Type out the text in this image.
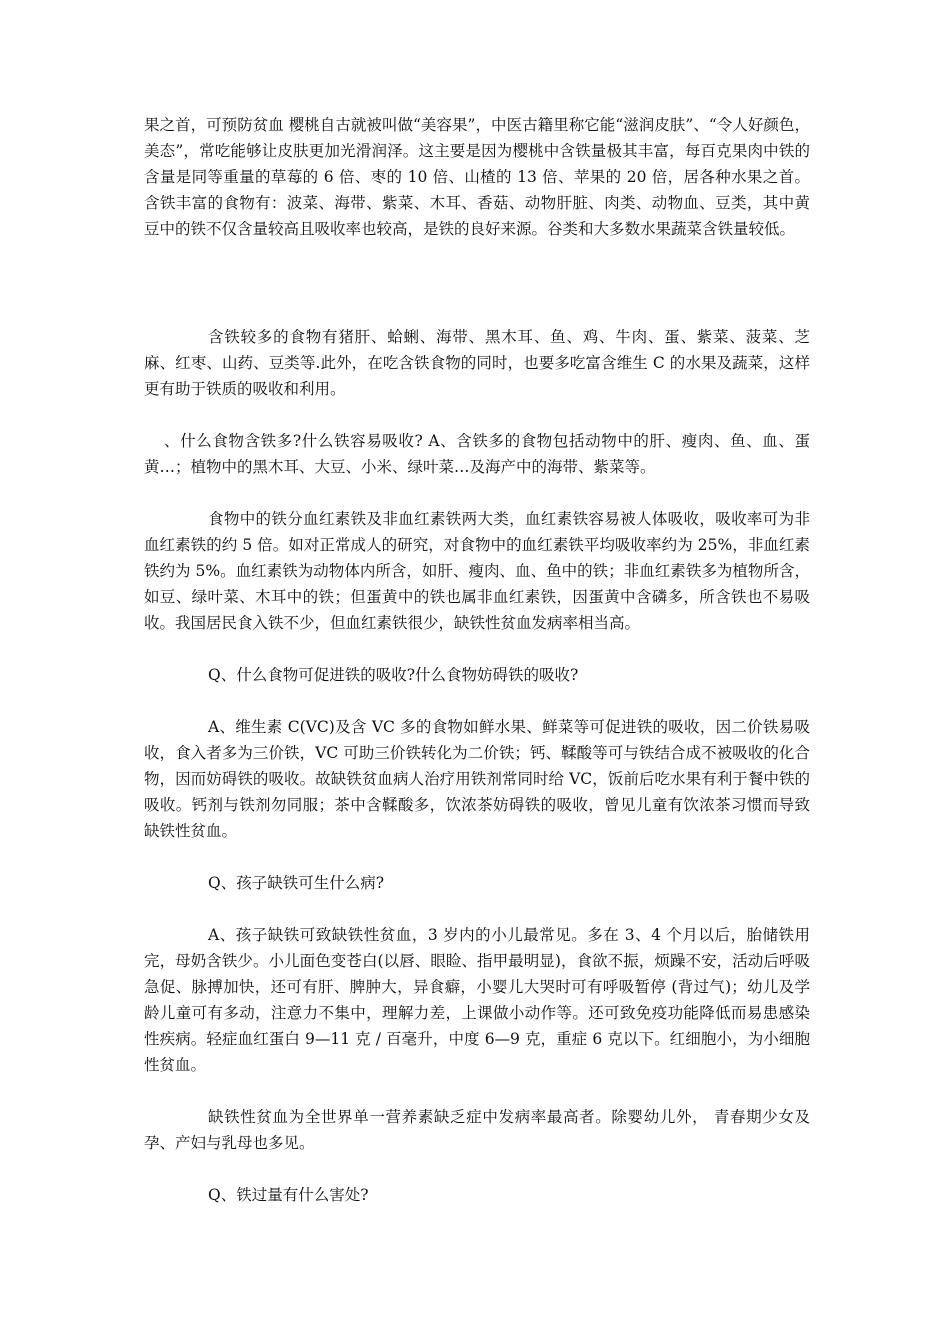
果之首，可预防贫血 樱桃自古就被叫做“美容果”，中医古籍里称它能“滋润皮肤”、“令人好颜色，美态”，常吃能够让皮肤更加光滑润泽。这主要是因为樱桃中含铁量极其丰富，每百克果肉中铁的含量是同等重量的草莓的 6 倍、枣的 10 倍、山楂的 13 倍、苹果的 20 倍，居各种水果之首。 含铁丰富的食物有：波菜、海带、紫菜、木耳、香菇、动物肝脏、肉类、动物血、豆类，其中黄豆中的铁不仅含量较高且吸收率也较高，是铁的良好来源。谷类和大多数水果蔬菜含铁量较低。

含铁较多的食物有猪肝、蛤蜊、海带、黑木耳、鱼、鸡、牛肉、蛋、紫菜、菠菜、芝麻、红枣、山药、豆类等.此外，在吃含铁食物的同时，也要多吃富含维生 C 的水果及蔬菜，这样更有助于铁质的吸收和利用。

、什么食物含铁多?什么铁容易吸收? A、含铁多的食物包括动物中的肝、瘦肉、鱼、血、蛋黄…；植物中的黑木耳、大豆、小米、绿叶菜…及海产中的海带、紫菜等。

食物中的铁分血红素铁及非血红素铁两大类，血红素铁容易被人体吸收，吸收率可为非血红素铁的约 5 倍。如对正常成人的研究，对食物中的血红素铁平均吸收率约为 25%，非血红素铁约为 5%。血红素铁为动物体内所含，如肝、瘦肉、血、鱼中的铁；非血红素铁多为植物所含，如豆、绿叶菜、木耳中的铁；但蛋黄中的铁也属非血红素铁，因蛋黄中含磷多，所含铁也不易吸收。我国居民食入铁不少，但血红素铁很少，缺铁性贫血发病率相当高。

Q、什么食物可促进铁的吸收?什么食物妨碍铁的吸收?

A、维生素 C(VC)及含 VC 多的食物如鲜水果、鲜菜等可促进铁的吸收，因二价铁易吸收，食入者多为三价铁，VC 可助三价铁转化为二价铁；钙、鞣酸等可与铁结合成不被吸收的化合物，因而妨碍铁的吸收。故缺铁贫血病人治疗用铁剂常同时给 VC，饭前后吃水果有利于餐中铁的吸收。钙剂与铁剂勿同服；茶中含鞣酸多，饮浓茶妨碍铁的吸收，曾见儿童有饮浓茶习惯而导致缺铁性贫血。

Q、孩子缺铁可生什么病?

A、孩子缺铁可致缺铁性贫血，3 岁内的小儿最常见。多在 3、4 个月以后，胎储铁用完，母奶含铁少。小儿面色变苍白(以唇、眼睑、指甲最明显)，食欲不振，烦躁不安，活动后呼吸急促、脉搏加快，还可有肝、脾肿大，异食癖，小婴儿大哭时可有呼吸暂停 (背过气)；幼儿及学龄儿童可有多动，注意力不集中，理解力差，上课做小动作等。还可致免疫功能降低而易患感染性疾病。轻症血红蛋白 9—11 克 / 百毫升，中度 6—9 克，重症 6 克以下。红细胞小，为小细胞性贫血。

缺铁性贫血为全世界单一营养素缺乏症中发病率最高者。除婴幼儿外， 青春期少女及孕、产妇与乳母也多见。

Q、铁过量有什么害处?
